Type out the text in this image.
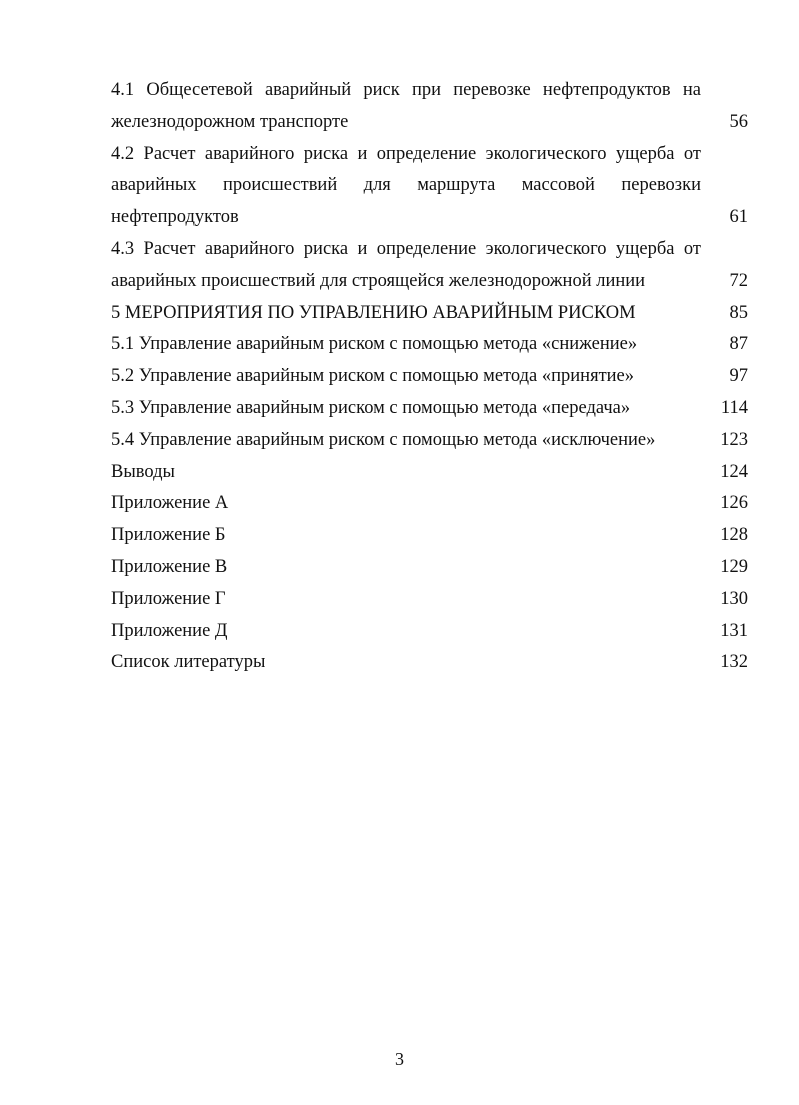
4.1 Общесетевой аварийный риск при перевозке нефтепродуктов на
железнодорожном транспорте	56
4.2 Расчет аварийного риска и определение экологического ущерба от
аварийных происшествий для маршрута массовой перевозки
нефтепродуктов	61
4.3 Расчет аварийного риска и определение экологического ущерба от
аварийных происшествий для строящейся железнодорожной линии	72
5 МЕРОПРИЯТИЯ ПО УПРАВЛЕНИЮ АВАРИЙНЫМ РИСКОМ	85
5.1 Управление аварийным риском с помощью метода «снижение»	87
5.2 Управление аварийным риском с помощью метода «принятие»	97
5.3 Управление аварийным риском с помощью метода «передача»	114
5.4 Управление аварийным риском с помощью метода «исключение»	123
Выводы	124
Приложение А	126
Приложение Б	128
Приложение В	129
Приложение Г	130
Приложение Д	131
Список литературы	132
3
